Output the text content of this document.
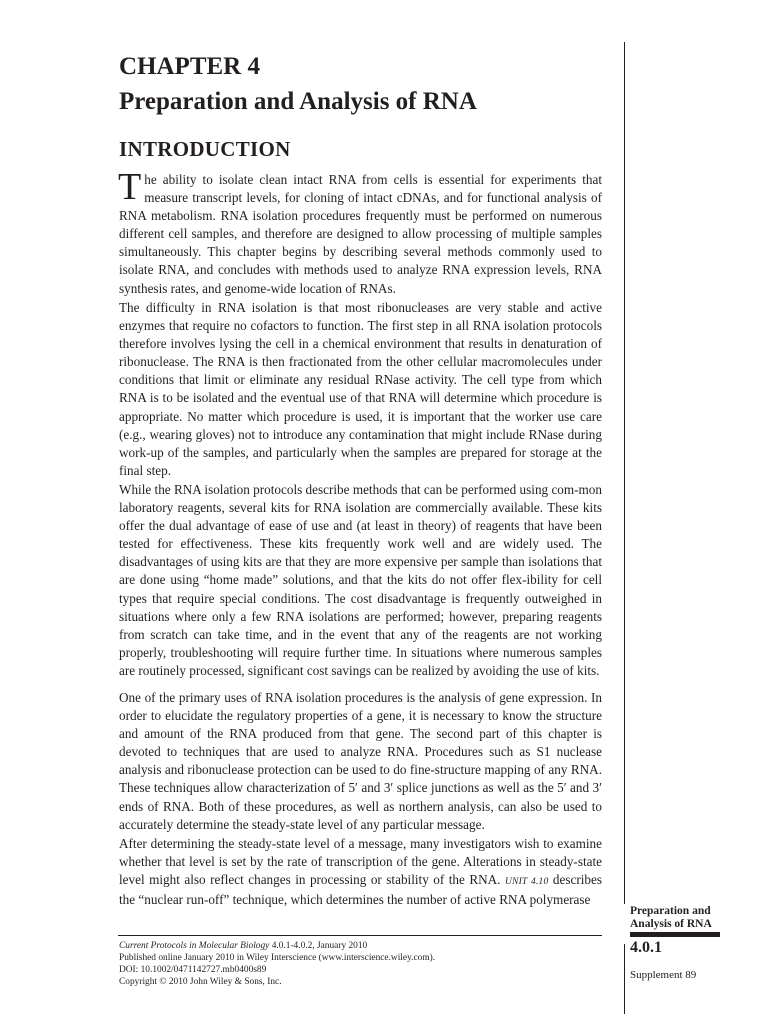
CHAPTER 4
Preparation and Analysis of RNA
INTRODUCTION

The ability to isolate clean intact RNA from cells is essential for experiments that measure transcript levels, for cloning of intact cDNAs, and for functional analysis of RNA metabolism. RNA isolation procedures frequently must be performed on numerous different cell samples, and therefore are designed to allow processing of multiple samples simultaneously. This chapter begins by describing several methods commonly used to isolate RNA, and concludes with methods used to analyze RNA expression levels, RNA synthesis rates, and genome-wide location of RNAs.

The difficulty in RNA isolation is that most ribonucleases are very stable and active enzymes that require no cofactors to function. The first step in all RNA isolation protocols therefore involves lysing the cell in a chemical environment that results in denaturation of ribonuclease. The RNA is then fractionated from the other cellular macromolecules under conditions that limit or eliminate any residual RNase activity. The cell type from which RNA is to be isolated and the eventual use of that RNA will determine which procedure is appropriate. No matter which procedure is used, it is important that the worker use care (e.g., wearing gloves) not to introduce any contamination that might include RNase during work-up of the samples, and particularly when the samples are prepared for storage at the final step.

While the RNA isolation protocols describe methods that can be performed using com-mon laboratory reagents, several kits for RNA isolation are commercially available. These kits offer the dual advantage of ease of use and (at least in theory) of reagents that have been tested for effectiveness. These kits frequently work well and are widely used. The disadvantages of using kits are that they are more expensive per sample than isolations that are done using “home made” solutions, and that the kits do not offer flex-ibility for cell types that require special conditions. The cost disadvantage is frequently outweighed in situations where only a few RNA isolations are performed; however, preparing reagents from scratch can take time, and in the event that any of the reagents are not working properly, troubleshooting will require further time. In situations where numerous samples are routinely processed, significant cost savings can be realized by avoiding the use of kits.

One of the primary uses of RNA isolation procedures is the analysis of gene expression. In order to elucidate the regulatory properties of a gene, it is necessary to know the structure and amount of the RNA produced from that gene. The second part of this chapter is devoted to techniques that are used to analyze RNA. Procedures such as S1 nuclease analysis and ribonuclease protection can be used to do fine-structure mapping of any RNA. These techniques allow characterization of 5′ and 3′ splice junctions as well as the 5′ and 3′ ends of RNA. Both of these procedures, as well as northern analysis, can also be used to accurately determine the steady-state level of any particular message.

After determining the steady-state level of a message, many investigators wish to examine whether that level is set by the rate of transcription of the gene. Alterations in steady-state level might also reflect changes in processing or stability of the RNA. UNIT 4.10 describes the “nuclear run-off” technique, which determines the number of active RNA polymerase

Preparation and
Analysis of RNA
4.0.1
Supplement 89
Current Protocols in Molecular Biology 4.0.1-4.0.2, January 2010
Published online January 2010 in Wiley Interscience (www.interscience.wiley.com).
DOI: 10.1002/0471142727.mb0400s89
Copyright © 2010 John Wiley & Sons, Inc.
